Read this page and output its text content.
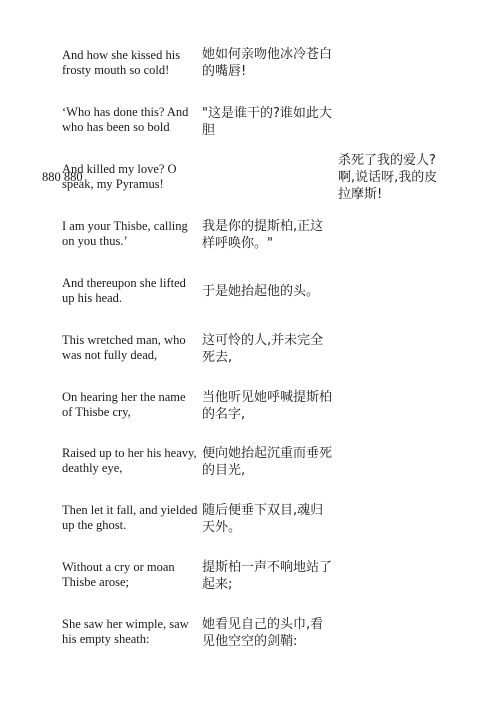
And how she kissed his
frosty mouth so cold!
她如何亲吻他冰冷苍白
的嘴唇!
‘Who has done this? And
who has been so bold
"这是谁干的?谁如此大
胆
880 880
And killed my love? O
speak, my Pyramus!
杀死了我的爱人?
啊,说话呀,我的皮
拉摩斯!
I am your Thisbe, calling
on you thus.’
我是你的提斯柏,正这
样呼唤你。"
And thereupon she lifted
up his head.	于是她抬起他的头。
This wretched man, who
was not fully dead,
这可怜的人,并未完全
死去,
On hearing her the name
of Thisbe cry,
当他听见她呼喊提斯柏
的名字,
Raised up to her his heavy,
deathly eye,
便向她抬起沉重而垂死
的目光,
Then let it fall, and yielded
up the ghost.
随后便垂下双目,魂归
天外。
Without a cry or moan
Thisbe arose;
提斯柏一声不响地站了
起来;
She saw her wimple, saw
his empty sheath:
她看见自己的头巾,看
见他空空的剑鞘:
